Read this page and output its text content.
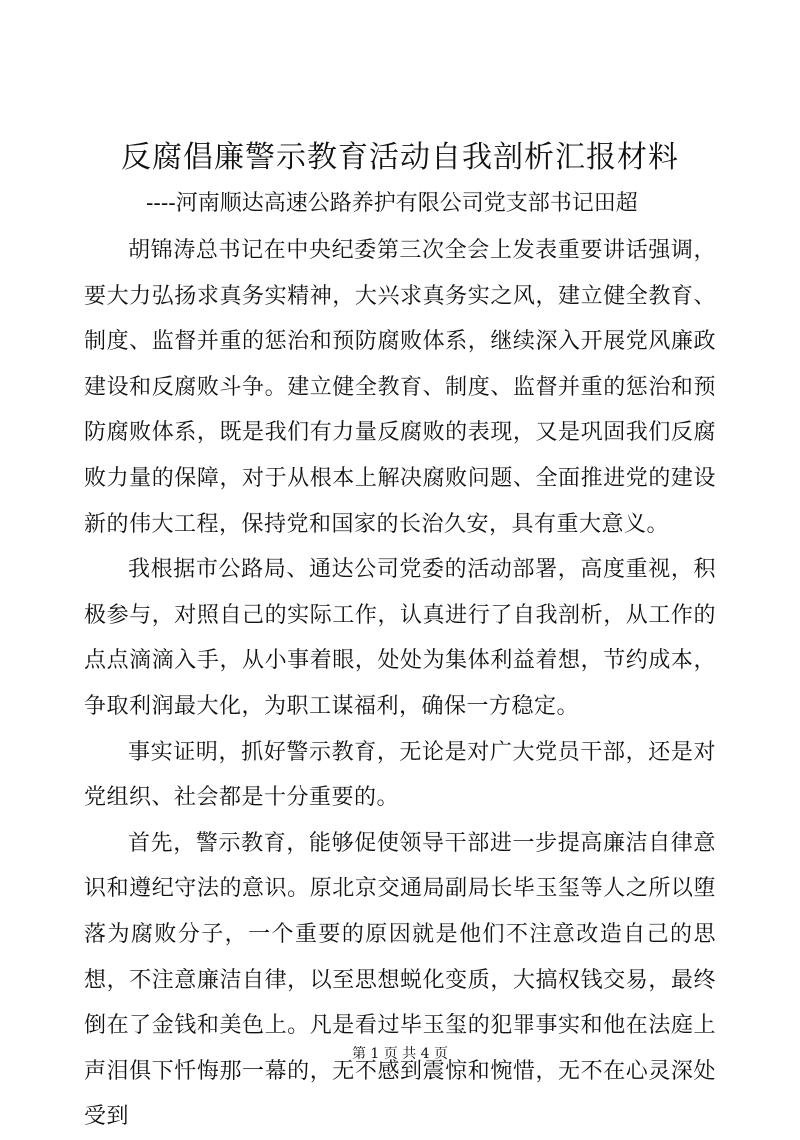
反腐倡廉警示教育活动自我剖析汇报材料

----河南顺达高速公路养护有限公司党支部书记田超

胡锦涛总书记在中央纪委第三次全会上发表重要讲话强调，要大力弘扬求真务实精神，大兴求真务实之风，建立健全教育、制度、监督并重的惩治和预防腐败体系，继续深入开展党风廉政建设和反腐败斗争。建立健全教育、制度、监督并重的惩治和预防腐败体系，既是我们有力量反腐败的表现，又是巩固我们反腐败力量的保障，对于从根本上解决腐败问题、全面推进党的建设新的伟大工程，保持党和国家的长治久安，具有重大意义。

我根据市公路局、通达公司党委的活动部署，高度重视，积极参与，对照自己的实际工作，认真进行了自我剖析，从工作的点点滴滴入手，从小事着眼，处处为集体利益着想，节约成本，争取利润最大化，为职工谋福利，确保一方稳定。

事实证明，抓好警示教育，无论是对广大党员干部，还是对党组织、社会都是十分重要的。

首先，警示教育，能够促使领导干部进一步提高廉洁自律意识和遵纪守法的意识。原北京交通局副局长毕玉玺等人之所以堕落为腐败分子，一个重要的原因就是他们不注意改造自己的思想，不注意廉洁自律，以至思想蜕化变质，大搞权钱交易，最终倒在了金钱和美色上。凡是看过毕玉玺的犯罪事实和他在法庭上声泪俱下忏悔那一幕的，无不感到震惊和惋惜，无不在心灵深处受到

第 1 页 共 4 页
